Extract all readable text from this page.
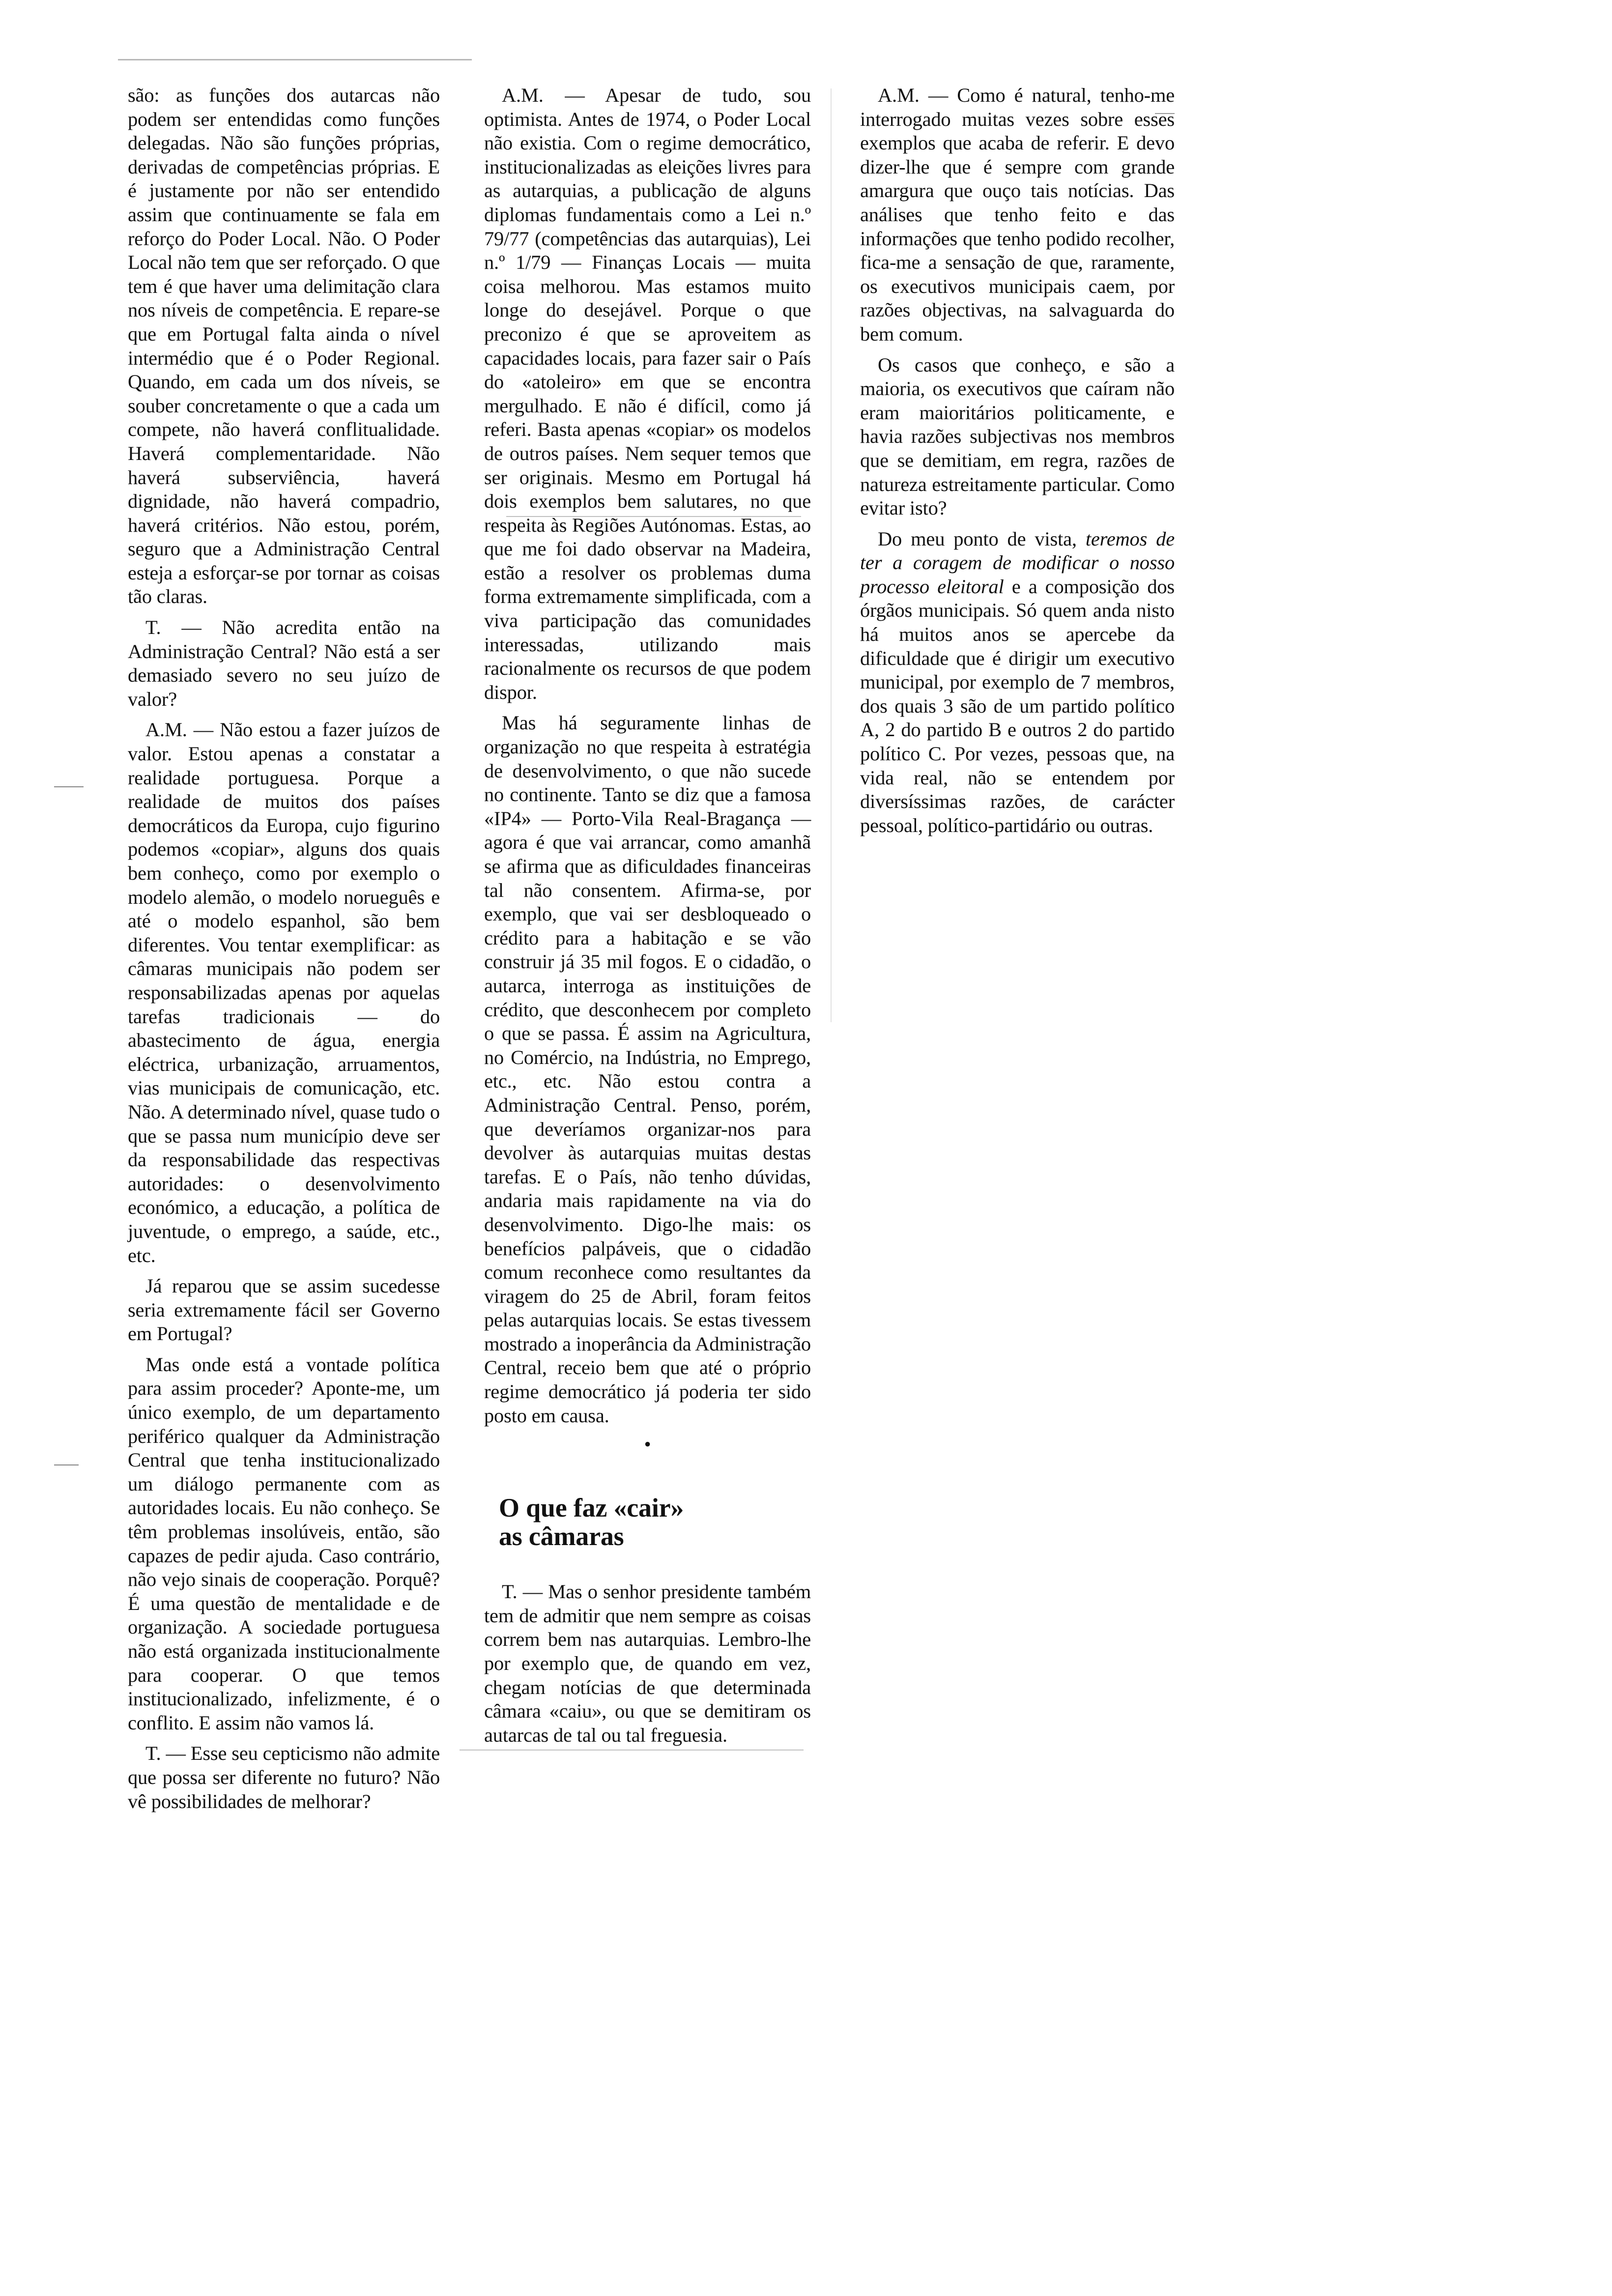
são: as funções dos autarcas não podem ser entendidas como funções delegadas. Não são funções próprias, derivadas de competências próprias. E é justamente por não ser entendido assim que continuamente se fala em reforço do Poder Local. Não. O Poder Local não tem que ser reforçado. O que tem é que haver uma delimitação clara nos níveis de competência. E repare-se que em Portugal falta ainda o nível intermédio que é o Poder Regional. Quando, em cada um dos níveis, se souber concretamente o que a cada um compete, não haverá conflitualidade. Haverá complementaridade. Não haverá subserviência, haverá dignidade, não haverá compadrio, haverá critérios. Não estou, porém, seguro que a Administração Central esteja a esforçar-se por tornar as coisas tão claras.

T. — Não acredita então na Administração Central? Não está a ser demasiado severo no seu juízo de valor?

A.M. — Não estou a fazer juízos de valor. Estou apenas a constatar a realidade portuguesa. Porque a realidade de muitos dos países democráticos da Europa, cujo figurino podemos «copiar», alguns dos quais bem conheço, como por exemplo o modelo alemão, o modelo norueguês e até o modelo espanhol, são bem diferentes. Vou tentar exemplificar: as câmaras municipais não podem ser responsabilizadas apenas por aquelas tarefas tradicionais — do abastecimento de água, energia eléctrica, urbanização, arruamentos, vias municipais de comunicação, etc. Não. A determinado nível, quase tudo o que se passa num município deve ser da responsabilidade das respectivas autoridades: o desenvolvimento económico, a educação, a política de juventude, o emprego, a saúde, etc., etc.

Já reparou que se assim sucedesse seria extremamente fácil ser Governo em Portugal?

Mas onde está a vontade política para assim proceder? Aponte-me, um único exemplo, de um departamento periférico qualquer da Administração Central que tenha institucionalizado um diálogo permanente com as autoridades locais. Eu não conheço. Se têm problemas insolúveis, então, são capazes de pedir ajuda. Caso contrário, não vejo sinais de cooperação. Porquê? É uma questão de mentalidade e de organização. A sociedade portuguesa não está organizada institucionalmente para cooperar. O que temos institucionalizado, infelizmente, é o conflito. E assim não vamos lá.

T. — Esse seu cepticismo não admite que possa ser diferente no futuro? Não vê possibilidades de melhorar?

A.M. — Apesar de tudo, sou optimista. Antes de 1974, o Poder Local não existia. Com o regime democrático, institucionalizadas as eleições livres para as autarquias, a publicação de alguns diplomas fundamentais como a Lei n.º 79/77 (competências das autarquias), Lei n.º 1/79 — Finanças Locais — muita coisa melhorou. Mas estamos muito longe do desejável. Porque o que preconizo é que se aproveitem as capacidades locais, para fazer sair o País do «atoleiro» em que se encontra mergulhado. E não é difícil, como já referi. Basta apenas «copiar» os modelos de outros países. Nem sequer temos que ser originais. Mesmo em Portugal há dois exemplos bem salutares, no que respeita às Regiões Autónomas. Estas, ao que me foi dado observar na Madeira, estão a resolver os problemas duma forma extremamente simplificada, com a viva participação das comunidades interessadas, utilizando mais racionalmente os recursos de que podem dispor.

Mas há seguramente linhas de organização no que respeita à estratégia de desenvolvimento, o que não sucede no continente. Tanto se diz que a famosa «IP4» — Porto-Vila Real-Bragança — agora é que vai arrancar, como amanhã se afirma que as dificuldades financeiras tal não consentem. Afirma-se, por exemplo, que vai ser desbloqueado o crédito para a habitação e se vão construir já 35 mil fogos. E o cidadão, o autarca, interroga as instituições de crédito, que desconhecem por completo o que se passa. É assim na Agricultura, no Comércio, na Indústria, no Emprego, etc., etc. Não estou contra a Administração Central. Penso, porém, que deveríamos organizar-nos para devolver às autarquias muitas destas tarefas. E o País, não tenho dúvidas, andaria mais rapidamente na via do desenvolvimento. Digo-lhe mais: os benefícios palpáveis, que o cidadão comum reconhece como resultantes da viragem do 25 de Abril, foram feitos pelas autarquias locais. Se estas tivessem mostrado a inoperância da Administração Central, receio bem que até o próprio regime democrático já poderia ter sido posto em causa.

•
O que faz «cair»
as câmaras

T. — Mas o senhor presidente também tem de admitir que nem sempre as coisas correm bem nas autarquias. Lembro-lhe por exemplo que, de quando em vez, chegam notícias de que determinada câmara «caiu», ou que se demitiram os autarcas de tal ou tal freguesia.

A.M. — Como é natural, tenho-me interrogado muitas vezes sobre esses exemplos que acaba de referir. E devo dizer-lhe que é sempre com grande amargura que ouço tais notícias. Das análises que tenho feito e das informações que tenho podido recolher, fica-me a sensação de que, raramente, os executivos municipais caem, por razões objectivas, na salvaguarda do bem comum.

Os casos que conheço, e são a maioria, os executivos que caíram não eram maioritários politicamente, e havia razões subjectivas nos membros que se demitiam, em regra, razões de natureza estreitamente particular. Como evitar isto?

Do meu ponto de vista, teremos de ter a coragem de modificar o nosso processo eleitoral e a composição dos órgãos municipais. Só quem anda nisto há muitos anos se apercebe da dificuldade que é dirigir um executivo municipal, por exemplo de 7 membros, dos quais 3 são de um partido político A, 2 do partido B e outros 2 do partido político C. Por vezes, pessoas que, na vida real, não se entendem por diversíssimas razões, de carácter pessoal, político-partidário ou outras.
